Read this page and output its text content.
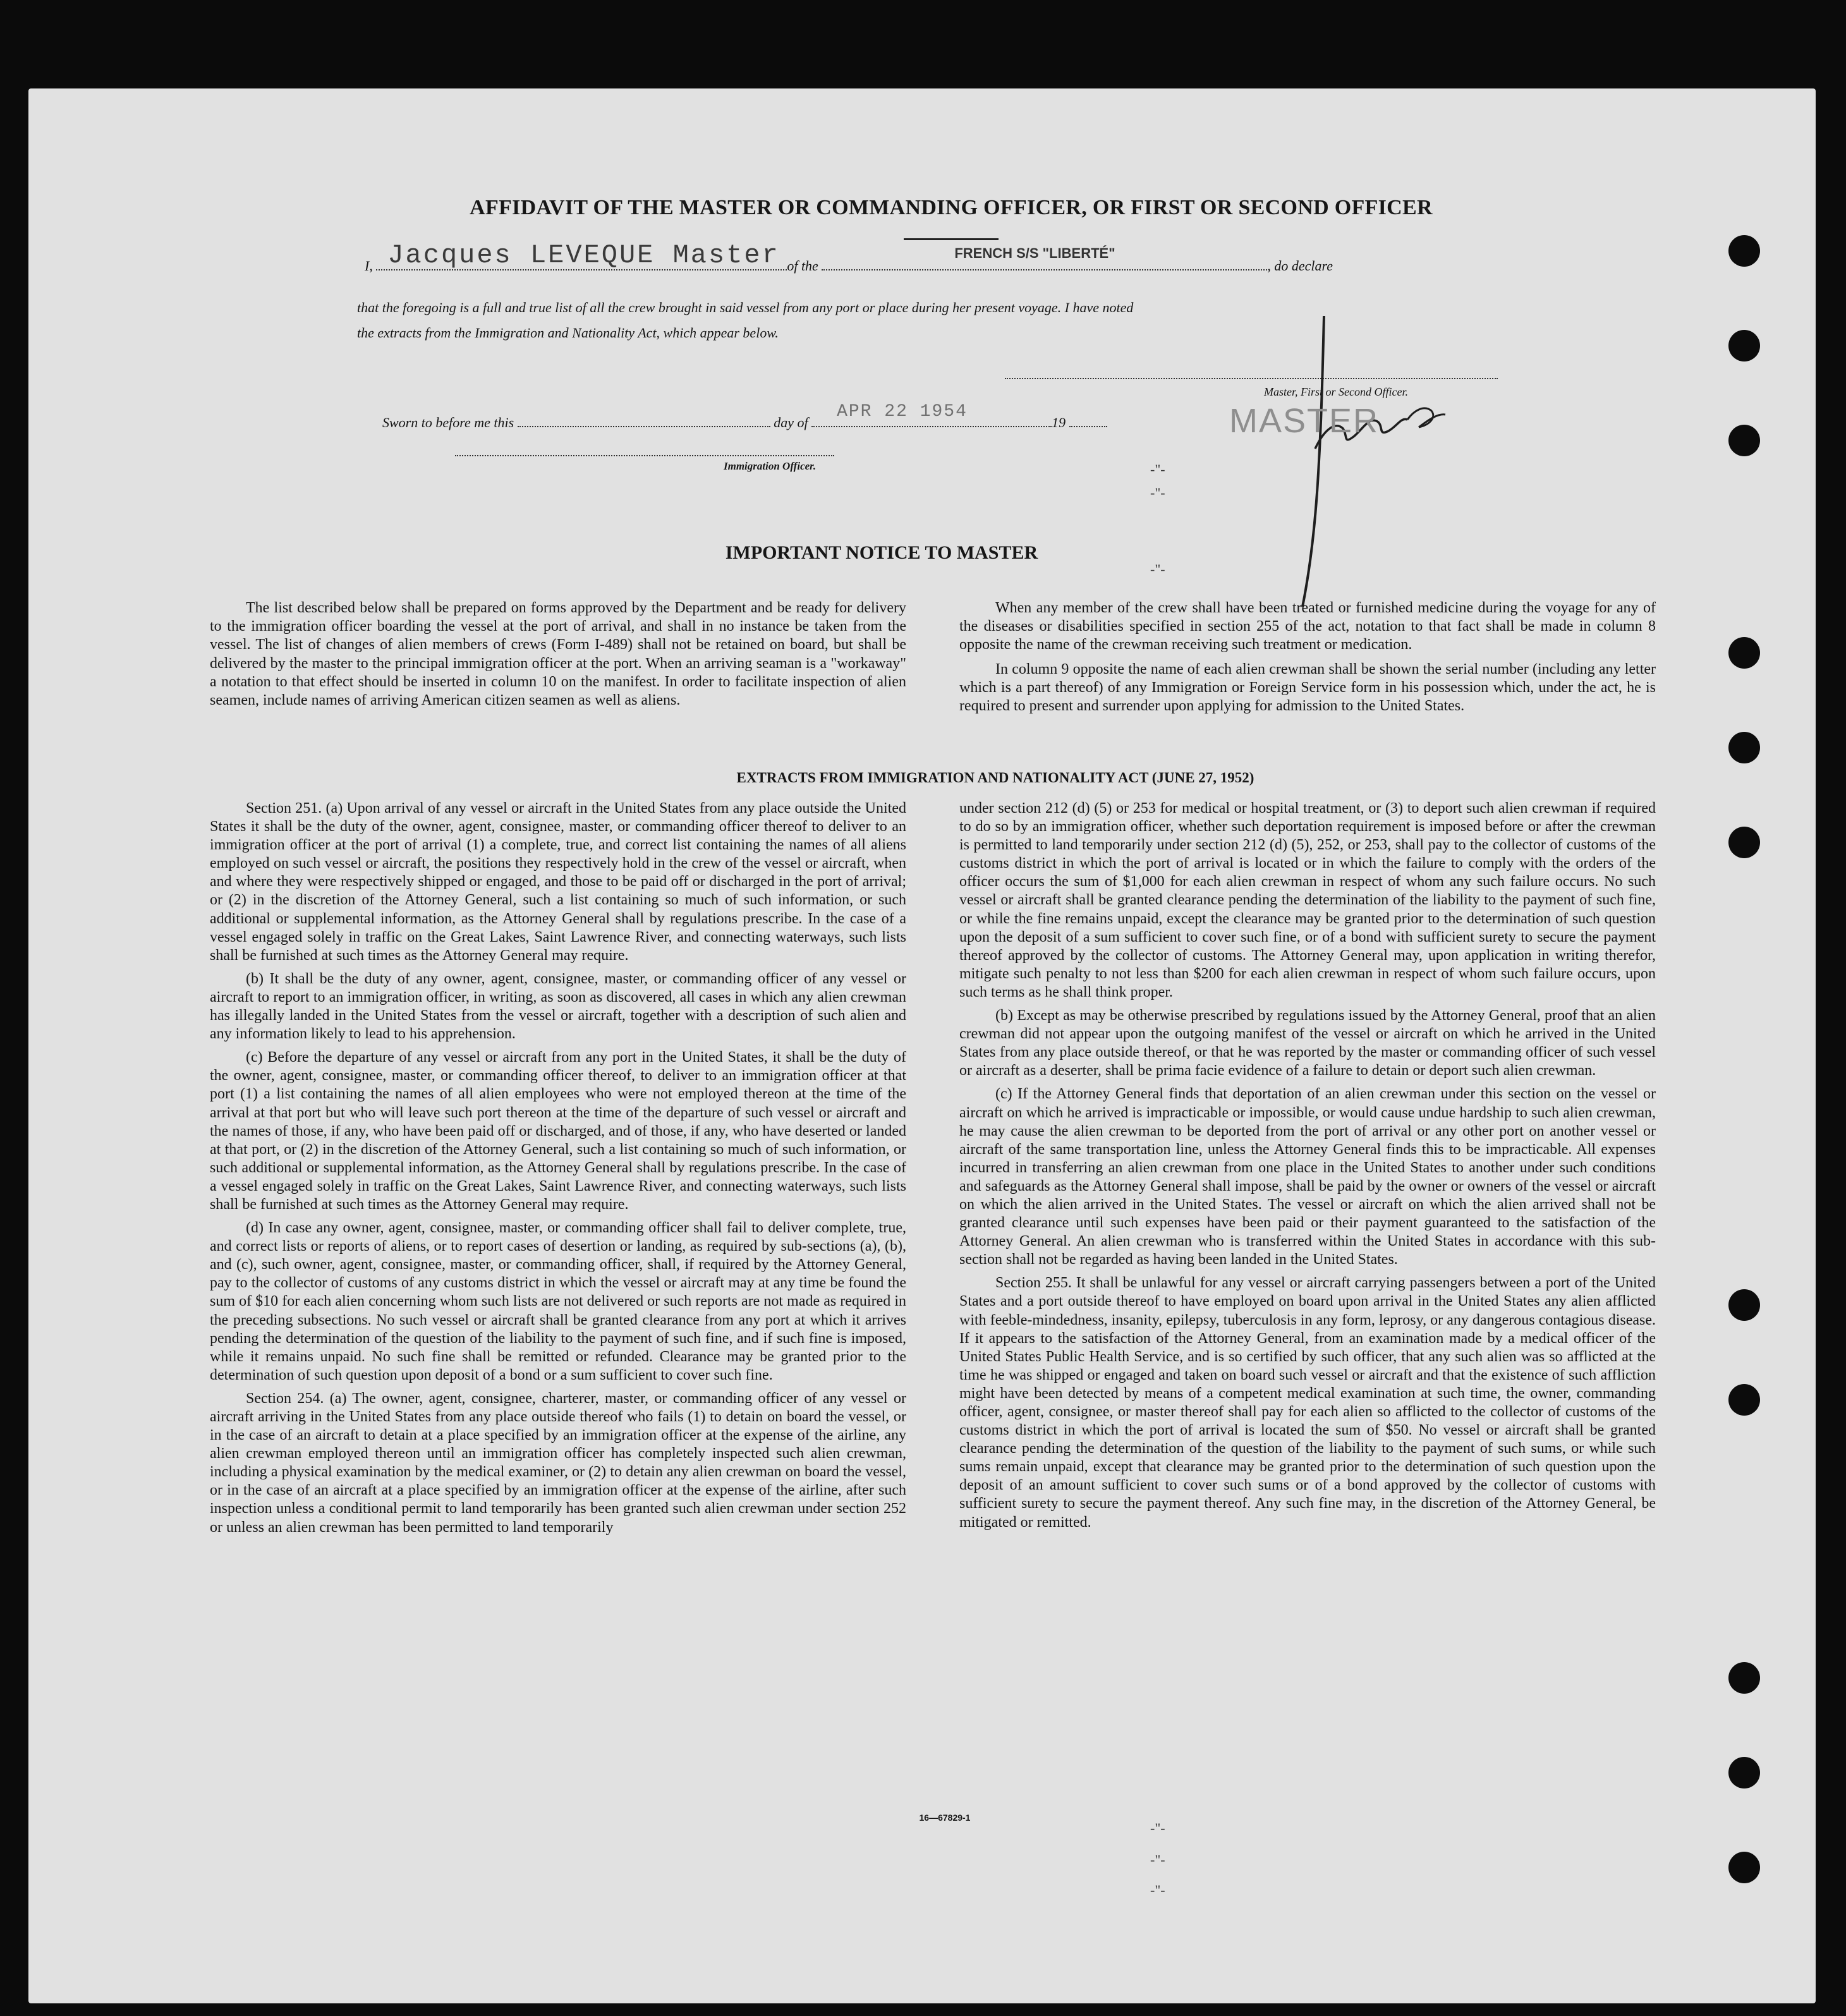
-"-
-"-
-"-
-"-
-"-
-"-
AFFIDAVIT OF THE MASTER OR COMMANDING OFFICER, OR FIRST OR SECOND OFFICER
I, Jacques LEVEQUE Master of the
FRENCH S/S "LIBERTÉ"
, do declare
that the foregoing is a full and true list of all the crew brought in said vessel from any port or place during her present voyage. I have noted
the extracts from the Immigration and Nationality Act, which appear below.
Master, First or Second Officer.
MASTER
Sworn to before me this	day of
APR 22 1954
19
Immigration Officer.
IMPORTANT NOTICE TO MASTER

The list described below shall be prepared on forms approved by the Department and be ready for delivery to the immigration officer boarding the vessel at the port of arrival, and shall in no instance be taken from the vessel. The list of changes of alien members of crews (Form I-489) shall not be retained on board, but shall be delivered by the master to the principal immigration officer at the port. When an arriving seaman is a "workaway" a notation to that effect should be inserted in column 10 on the manifest. In order to facilitate inspection of alien seamen, include names of arriving American citizen seamen as well as aliens.

When any member of the crew shall have been treated or furnished medicine during the voyage for any of the diseases or disabilities specified in section 255 of the act, notation to that fact shall be made in column 8 opposite the name of the crewman receiving such treatment or medication.

In column 9 opposite the name of each alien crewman shall be shown the serial number (including any letter which is a part thereof) of any Immigration or Foreign Service form in his possession which, under the act, he is required to present and surrender upon applying for admission to the United States.

EXTRACTS FROM IMMIGRATION AND NATIONALITY ACT (JUNE 27, 1952)

Section 251. (a) Upon arrival of any vessel or aircraft in the United States from any place outside the United States it shall be the duty of the owner, agent, consignee, master, or commanding officer thereof to deliver to an immigration officer at the port of arrival (1) a complete, true, and correct list containing the names of all aliens employed on such vessel or aircraft, the positions they respectively hold in the crew of the vessel or aircraft, when and where they were respectively shipped or engaged, and those to be paid off or discharged in the port of arrival; or (2) in the discretion of the Attorney General, such a list containing so much of such information, or such additional or supplemental information, as the Attorney General shall by regulations prescribe. In the case of a vessel engaged solely in traffic on the Great Lakes, Saint Lawrence River, and connecting waterways, such lists shall be furnished at such times as the Attorney General may require.

(b) It shall be the duty of any owner, agent, consignee, master, or commanding officer of any vessel or aircraft to report to an immigration officer, in writing, as soon as discovered, all cases in which any alien crewman has illegally landed in the United States from the vessel or aircraft, together with a description of such alien and any information likely to lead to his apprehension.

(c) Before the departure of any vessel or aircraft from any port in the United States, it shall be the duty of the owner, agent, consignee, master, or commanding officer thereof, to deliver to an immigration officer at that port (1) a list containing the names of all alien employees who were not employed thereon at the time of the arrival at that port but who will leave such port thereon at the time of the departure of such vessel or aircraft and the names of those, if any, who have been paid off or discharged, and of those, if any, who have deserted or landed at that port, or (2) in the discretion of the Attorney General, such a list containing so much of such information, or such additional or supplemental information, as the Attorney General shall by regulations prescribe. In the case of a vessel engaged solely in traffic on the Great Lakes, Saint Lawrence River, and connecting waterways, such lists shall be furnished at such times as the Attorney General may require.

(d) In case any owner, agent, consignee, master, or commanding officer shall fail to deliver complete, true, and correct lists or reports of aliens, or to report cases of desertion or landing, as required by sub-sections (a), (b), and (c), such owner, agent, consignee, master, or commanding officer, shall, if required by the Attorney General, pay to the collector of customs of any customs district in which the vessel or aircraft may at any time be found the sum of $10 for each alien concerning whom such lists are not delivered or such reports are not made as required in the preceding subsections. No such vessel or aircraft shall be granted clearance from any port at which it arrives pending the determination of the question of the liability to the payment of such fine, and if such fine is imposed, while it remains unpaid. No such fine shall be remitted or refunded. Clearance may be granted prior to the determination of such question upon deposit of a bond or a sum sufficient to cover such fine.

Section 254. (a) The owner, agent, consignee, charterer, master, or commanding officer of any vessel or aircraft arriving in the United States from any place outside thereof who fails (1) to detain on board the vessel, or in the case of an aircraft to detain at a place specified by an immigration officer at the expense of the airline, any alien crewman employed thereon until an immigration officer has completely inspected such alien crewman, including a physical examination by the medical examiner, or (2) to detain any alien crewman on board the vessel, or in the case of an aircraft at a place specified by an immigration officer at the expense of the airline, after such inspection unless a conditional permit to land temporarily has been granted such alien crewman under section 252 or unless an alien crewman has been permitted to land temporarily

under section 212 (d) (5) or 253 for medical or hospital treatment, or (3) to deport such alien crewman if required to do so by an immigration officer, whether such deportation requirement is imposed before or after the crewman is permitted to land temporarily under section 212 (d) (5), 252, or 253, shall pay to the collector of customs of the customs district in which the port of arrival is located or in which the failure to comply with the orders of the officer occurs the sum of $1,000 for each alien crewman in respect of whom any such failure occurs. No such vessel or aircraft shall be granted clearance pending the determination of the liability to the payment of such fine, or while the fine remains unpaid, except the clearance may be granted prior to the determination of such question upon the deposit of a sum sufficient to cover such fine, or of a bond with sufficient surety to secure the payment thereof approved by the collector of customs. The Attorney General may, upon application in writing therefor, mitigate such penalty to not less than $200 for each alien crewman in respect of whom such failure occurs, upon such terms as he shall think proper.

(b) Except as may be otherwise prescribed by regulations issued by the Attorney General, proof that an alien crewman did not appear upon the outgoing manifest of the vessel or aircraft on which he arrived in the United States from any place outside thereof, or that he was reported by the master or commanding officer of such vessel or aircraft as a deserter, shall be prima facie evidence of a failure to detain or deport such alien crewman.

(c) If the Attorney General finds that deportation of an alien crewman under this section on the vessel or aircraft on which he arrived is impracticable or impossible, or would cause undue hardship to such alien crewman, he may cause the alien crewman to be deported from the port of arrival or any other port on another vessel or aircraft of the same transportation line, unless the Attorney General finds this to be impracticable. All expenses incurred in transferring an alien crewman from one place in the United States to another under such conditions and safeguards as the Attorney General shall impose, shall be paid by the owner or owners of the vessel or aircraft on which the alien arrived in the United States. The vessel or aircraft on which the alien arrived shall not be granted clearance until such expenses have been paid or their payment guaranteed to the satisfaction of the Attorney General. An alien crewman who is transferred within the United States in accordance with this sub-section shall not be regarded as having been landed in the United States.

Section 255. It shall be unlawful for any vessel or aircraft carrying passengers between a port of the United States and a port outside thereof to have employed on board upon arrival in the United States any alien afflicted with feeble-mindedness, insanity, epilepsy, tuberculosis in any form, leprosy, or any dangerous contagious disease. If it appears to the satisfaction of the Attorney General, from an examination made by a medical officer of the United States Public Health Service, and is so certified by such officer, that any such alien was so afflicted at the time he was shipped or engaged and taken on board such vessel or aircraft and that the existence of such affliction might have been detected by means of a competent medical examination at such time, the owner, commanding officer, agent, consignee, or master thereof shall pay for each alien so afflicted to the collector of customs of the customs district in which the port of arrival is located the sum of $50. No vessel or aircraft shall be granted clearance pending the determination of the question of the liability to the payment of such sums, or while such sums remain unpaid, except that clearance may be granted prior to the determination of such question upon the deposit of an amount sufficient to cover such sums or of a bond approved by the collector of customs with sufficient surety to secure the payment thereof. Any such fine may, in the discretion of the Attorney General, be mitigated or remitted.

16—67829-1
